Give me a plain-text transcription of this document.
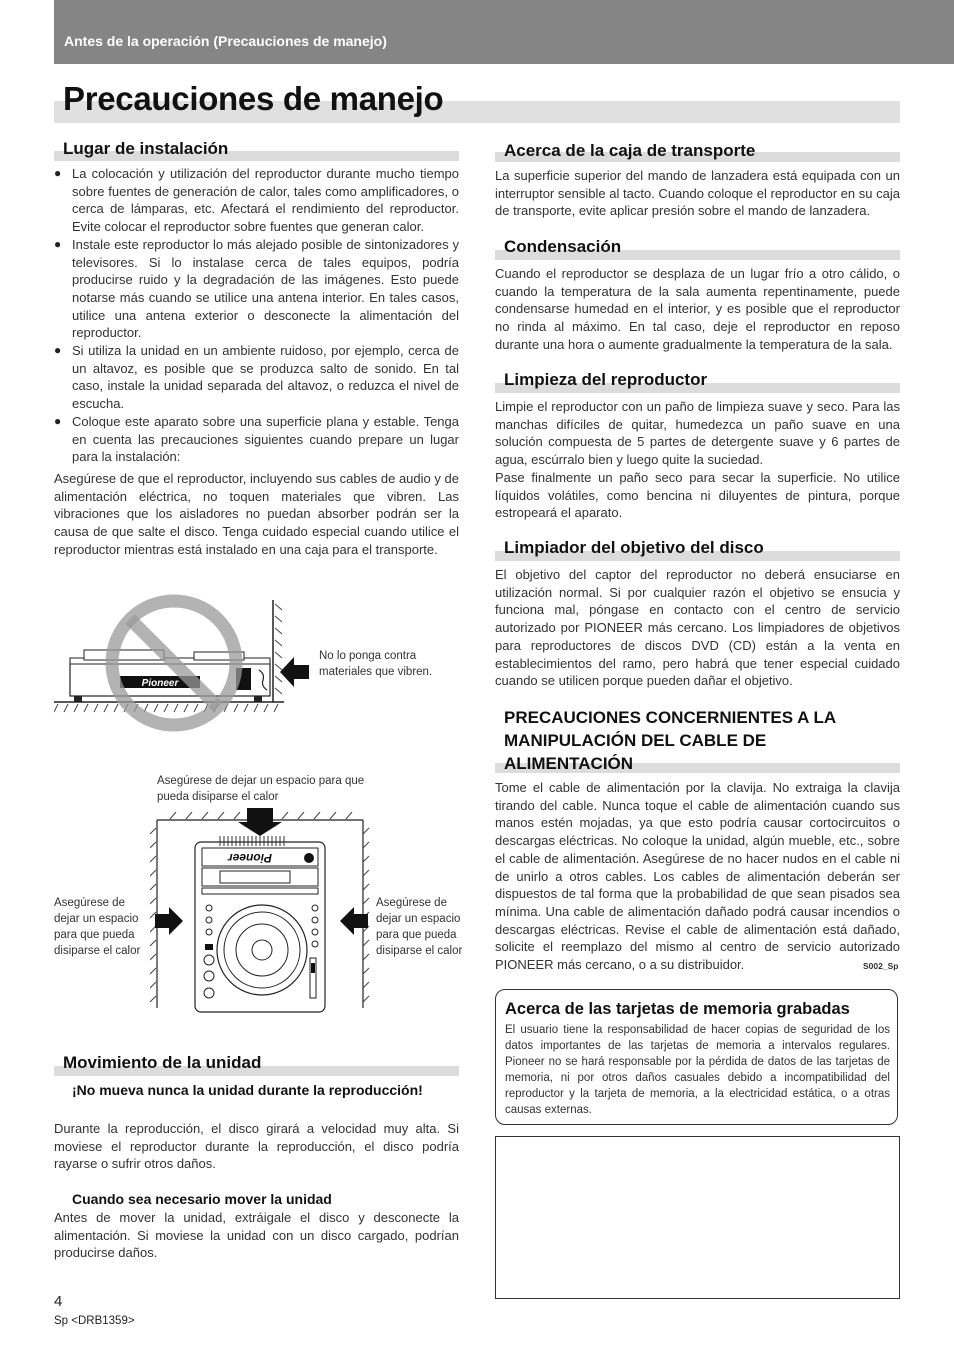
Antes de la operación (Precauciones de manejo)
Precauciones de manejo
Lugar de instalación
● La colocación y utilización del reproductor durante mucho tiempo sobre fuentes de generación de calor, tales como amplificadores, o cerca de lámparas, etc. Afectará el rendimiento del reproductor. Evite colocar el reproductor sobre fuentes que generan calor.
● Instale este reproductor lo más alejado posible de sintonizadores y televisores. Si lo instalase cerca de tales equipos, podría producirse ruido y la degradación de las imágenes. Esto puede notarse más cuando se utilice una antena interior. En tales casos, utilice una antena exterior o desconecte la alimentación del reproductor.
● Si utiliza la unidad en un ambiente ruidoso, por ejemplo, cerca de un altavoz, es posible que se produzca salto de sonido. En tal caso, instale la unidad separada del altavoz, o reduzca el nivel de escucha.
● Coloque este aparato sobre una superficie plana y estable. Tenga en cuenta las precauciones siguientes cuando prepare un lugar para la instalación:

Asegúrese de que el reproductor, incluyendo sus cables de audio y de alimentación eléctrica, no toquen materiales que vibren. Las vibraciones que los aisladores no puedan absorber podrán ser la causa de que salte el disco. Tenga cuidado especial cuando utilice el reproductor mientras está instalado en una caja para el transporte.

Pioneer
No lo ponga contra materiales que vibren.
Asegúrese de dejar un espacio para que pueda disiparse el calor
Asegúrese de dejar un espacio para que pueda disiparse el calor
Asegúrese de dejar un espacio para que pueda disiparse el calor
Pioneer
Movimiento de la unidad
¡No mueva nunca la unidad durante la reproducción!
Durante la reproducción, el disco girará a velocidad muy alta. Si moviese el reproductor durante la reproducción, el disco podría rayarse o sufrir otros daños.
Cuando sea necesario mover la unidad
Antes de mover la unidad, extráigale el disco y desconecte la alimentación. Si moviese la unidad con un disco cargado, podrían producirse daños.
Acerca de la caja de transporte
La superficie superior del mando de lanzadera está equipada con un interruptor sensible al tacto. Cuando coloque el reproductor en su caja de transporte, evite aplicar presión sobre el mando de lanzadera.
Condensación
Cuando el reproductor se desplaza de un lugar frío a otro cálido, o cuando la temperatura de la sala aumenta repentinamente, puede condensarse humedad en el interior, y es posible que el reproductor no rinda al máximo. En tal caso, deje el reproductor en reposo durante una hora o aumente gradualmente la temperatura de la sala.
Limpieza del reproductor

Limpie el reproductor con un paño de limpieza suave y seco. Para las manchas difíciles de quitar, humedezca un paño suave en una solución compuesta de 5 partes de detergente suave y 6 partes de agua, escúrralo bien y luego quite la suciedad.

Pase finalmente un paño seco para secar la superficie. No utilice líquidos volátiles, como bencina ni diluyentes de pintura, porque estropeará el aparato.

Limpiador del objetivo del disco
El objetivo del captor del reproductor no deberá ensuciarse en utilización normal. Si por cualquier razón el objetivo se ensucia y funciona mal, póngase en contacto con el centro de servicio autorizado por PIONEER más cercano. Los limpiadores de objetivos para reproductores de discos DVD (CD) están a la venta en establecimientos del ramo, pero habrá que tener especial cuidado cuando se utilicen porque pueden dañar el objetivo.
PRECAUCIONES CONCERNIENTES A LA
MANIPULACIÓN DEL CABLE DE
ALIMENTACIÓN
Tome el cable de alimentación por la clavija. No extraiga la clavija tirando del cable. Nunca toque el cable de alimentación cuando sus manos estén mojadas, ya que esto podría causar cortocircuitos o descargas eléctricas. No coloque la unidad, algún mueble, etc., sobre el cable de alimentación. Asegúrese de no hacer nudos en el cable ni de unirlo a otros cables. Los cables de alimentación deberán ser dispuestos de tal forma que la probabilidad de que sean pisados sea mínima. Una cable de alimentación dañado podrá causar incendios o descargas eléctricas. Revise el cable de alimentación está dañado, solicite el reemplazo del mismo al centro de servicio autorizado PIONEER más cercano, o a su distribuidor.	S002_Sp
Acerca de las tarjetas de memoria grabadas
El usuario tiene la responsabilidad de hacer copias de seguridad de los datos importantes de las tarjetas de memoria a intervalos regulares. Pioneer no se hará responsable por la pérdida de datos de las tarjetas de memoria, ni por otros daños casuales debido a incompatibilidad del reproductor y la tarjeta de memoria, a la electricidad estática, o a otras causas externas.
4
Sp <DRB1359>
